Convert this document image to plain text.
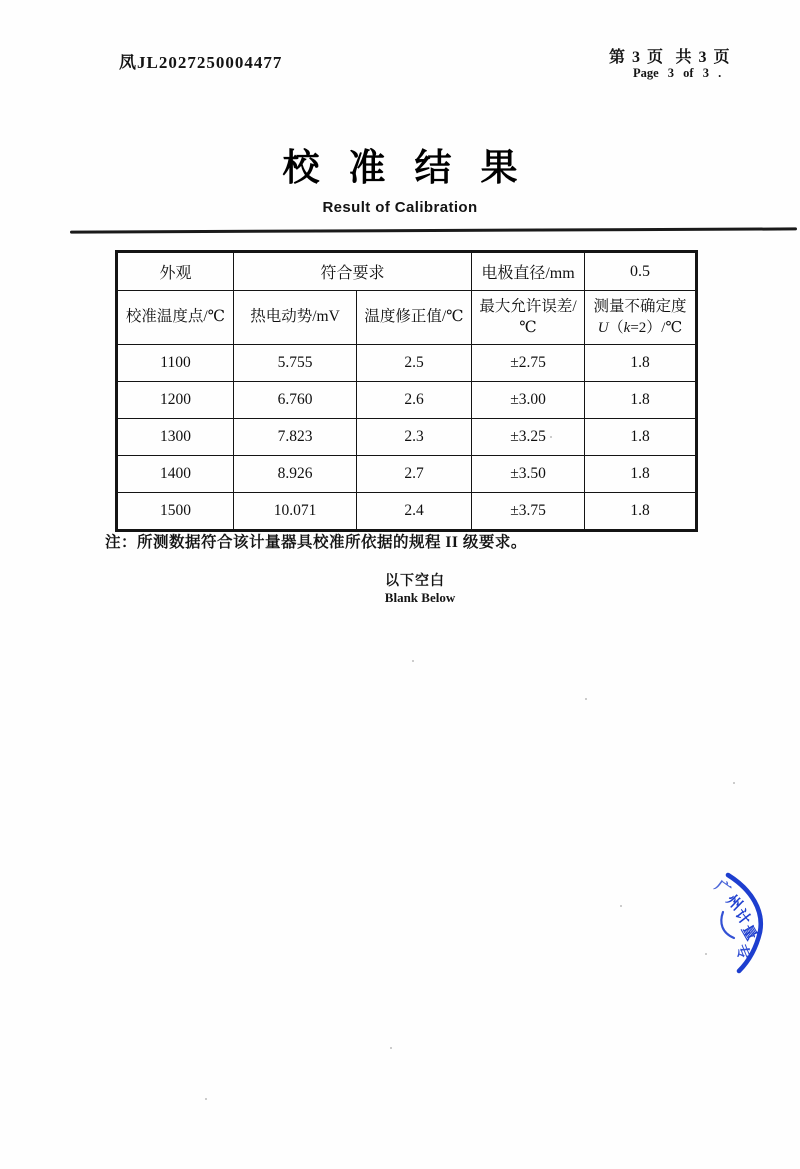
凤JL2027250004477	第 3 页  共 3 页
Page 3 of 3 .
校准结果
Result of Calibration
外观	符合要求		电极直径/mm	0.5
校准温度点/℃	热电动势/mV	温度修正值/℃	最大允许误差/℃	测量不确定度
U（k=2）/℃

1100	5.755	2.5	±2.75	1.8
1200	6.760	2.6	±3.00	1.8
1300	7.823	2.3	±3.25	1.8
1400	8.926	2.7	±3.50	1.8
1500	10.071	2.4	±3.75	1.8
注：所测数据符合该计量器具校准所依据的规程 II 级要求。
以下空白
Blank Below
广
州
计
量
专
